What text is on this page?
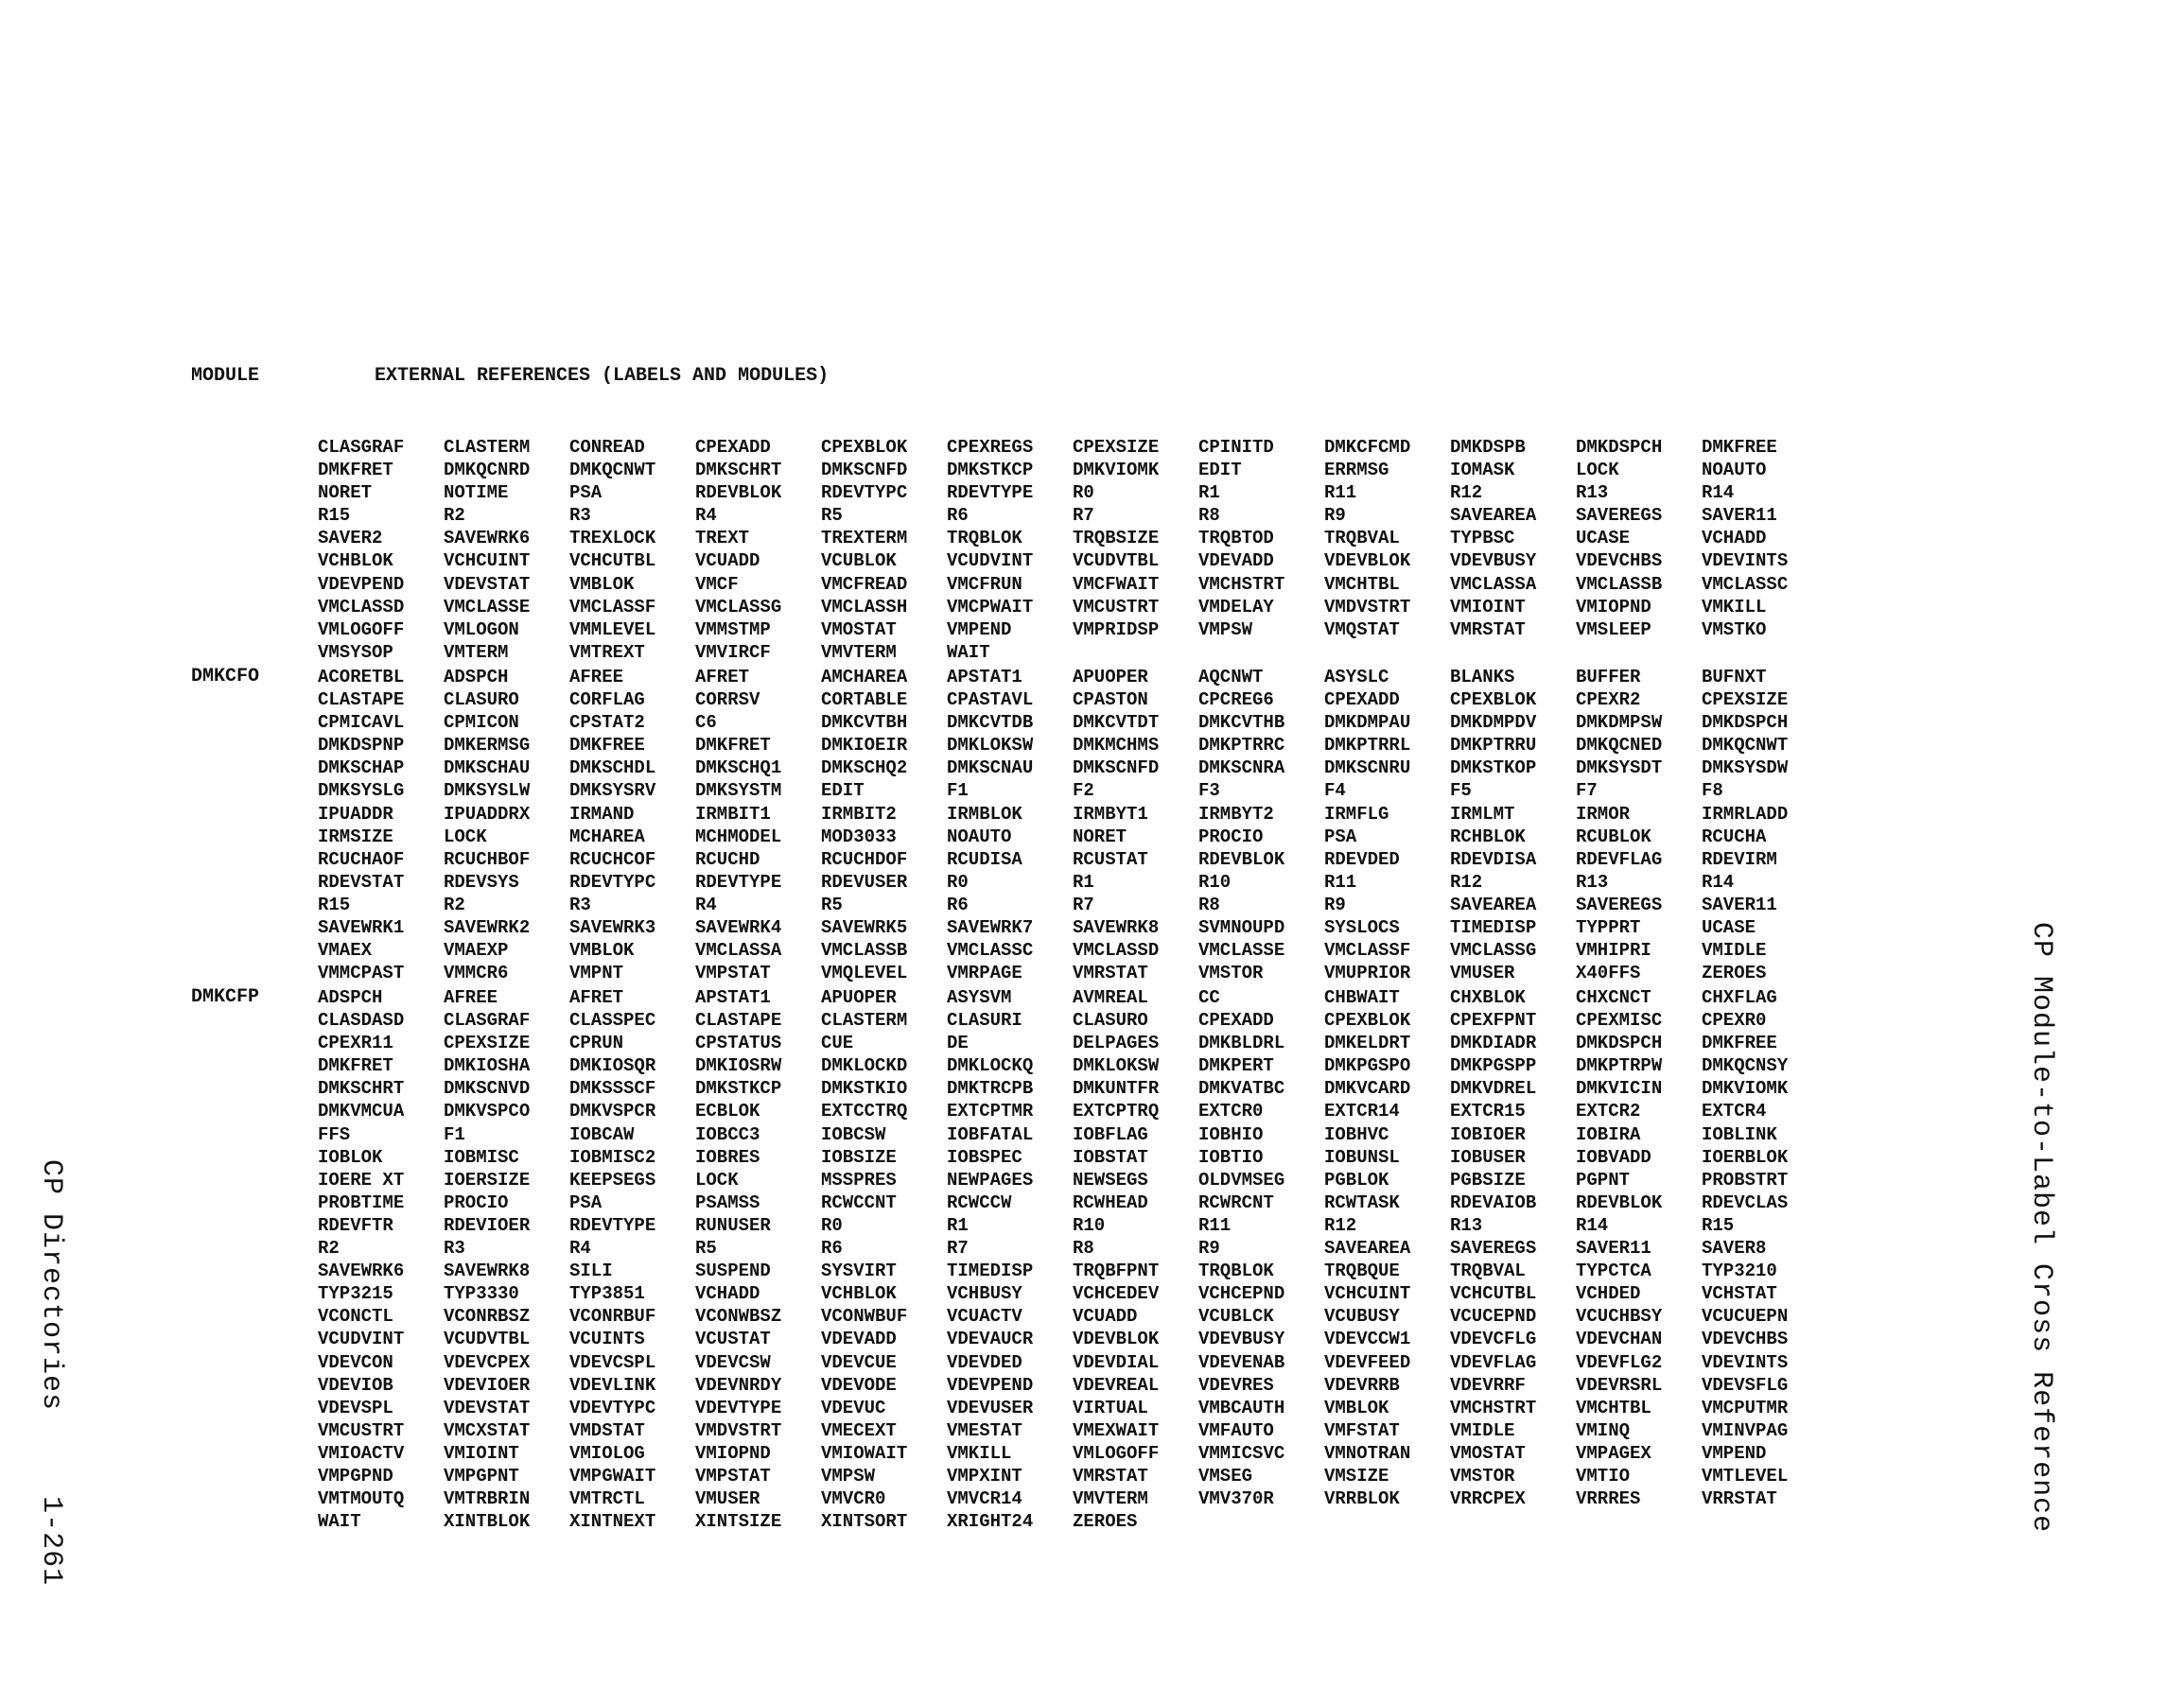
MODULE	EXTERNAL REFERENCES (LABELS AND MODULES)
CLASGRAF	CLASTERM	CONREAD	CPEXADD	CPEXBLOK	CPEXREGS	CPEXSIZE	CPINITD	DMKCFCMD	DMKDSPB	DMKDSPCH	DMKFREE
DMKFRET	DMKQCNRD	DMKQCNWT	DMKSCHRT	DMKSCNFD	DMKSTKCP	DMKVIOMK	EDIT	ERRMSG	IOMASK	LOCK	NOAUTO
NORET	NOTIME	PSA	RDEVBLOK	RDEVTYPC	RDEVTYPE	R0	R1	R11	R12	R13	R14
R15	R2	R3	R4	R5	R6	R7	R8	R9	SAVEAREA	SAVEREGS	SAVER11
SAVER2	SAVEWRK6	TREXLOCK	TREXT	TREXTERM	TRQBLOK	TRQBSIZE	TRQBTOD	TRQBVAL	TYPBSC	UCASE	VCHADD
VCHBLOK	VCHCUINT	VCHCUTBL	VCUADD	VCUBLOK	VCUDVINT	VCUDVTBL	VDEVADD	VDEVBLOK	VDEVBUSY	VDEVCHBS	VDEVINTS
VDEVPEND	VDEVSTAT	VMBLOK	VMCF	VMCFREAD	VMCFRUN	VMCFWAIT	VMCHSTRT	VMCHTBL	VMCLASSA	VMCLASSB	VMCLASSC
VMCLASSD	VMCLASSE	VMCLASSF	VMCLASSG	VMCLASSH	VMCPWAIT	VMCUSTRT	VMDELAY	VMDVSTRT	VMIOINT	VMIOPND	VMKILL
VMLOGOFF	VMLOGON	VMMLEVEL	VMMSTMP	VMOSTAT	VMPEND	VMPRIDSP	VMPSW	VMQSTAT	VMRSTAT	VMSLEEP	VMSTKO
VMSYSOP	VMTERM	VMTREXT	VMVIRCF	VMVTERM	WAIT
DMKCFO	ACORETBL	ADSPCH	AFREE	AFRET	AMCHAREA	APSTAT1	APUOPER	AQCNWT	ASYSLC	BLANKS	BUFFER	BUFNXT
CLASTAPE	CLASURO	CORFLAG	CORRSV	CORTABLE	CPASTAVL	CPASTON	CPCREG6	CPEXADD	CPEXBLOK	CPEXR2	CPEXSIZE
CPMICAVL	CPMICON	CPSTAT2	C6	DMKCVTBH	DMKCVTDB	DMKCVTDT	DMKCVTHB	DMKDMPAU	DMKDMPDV	DMKDMPSW	DMKDSPCH
DMKDSPNP	DMKERMSG	DMKFREE	DMKFRET	DMKIOEIR	DMKLOKSW	DMKMCHMS	DMKPTRRC	DMKPTRRL	DMKPTRRU	DMKQCNED	DMKQCNWT
DMKSCHAP	DMKSCHAU	DMKSCHDL	DMKSCHQ1	DMKSCHQ2	DMKSCNAU	DMKSCNFD	DMKSCNRA	DMKSCNRU	DMKSTKOP	DMKSYSDT	DMKSYSDW
DMKSYSLG	DMKSYSLW	DMKSYSRV	DMKSYSTM	EDIT	F1	F2	F3	F4	F5	F7	F8
IPUADDR	IPUADDRX	IRMAND	IRMBIT1	IRMBIT2	IRMBLOK	IRMBYT1	IRMBYT2	IRMFLG	IRMLMT	IRMOR	IRMRLADD
IRMSIZE	LOCK	MCHAREA	MCHMODEL	MOD3033	NOAUTO	NORET	PROCIO	PSA	RCHBLOK	RCUBLOK	RCUCHA
RCUCHAOF	RCUCHBOF	RCUCHCOF	RCUCHD	RCUCHDOF	RCUDISA	RCUSTAT	RDEVBLOK	RDEVDED	RDEVDISA	RDEVFLAG	RDEVIRM
RDEVSTAT	RDEVSYS	RDEVTYPC	RDEVTYPE	RDEVUSER	R0	R1	R10	R11	R12	R13	R14
R15	R2	R3	R4	R5	R6	R7	R8	R9	SAVEAREA	SAVEREGS	SAVER11
SAVEWRK1	SAVEWRK2	SAVEWRK3	SAVEWRK4	SAVEWRK5	SAVEWRK7	SAVEWRK8	SVMNOUPD	SYSLOCS	TIMEDISP	TYPPRT	UCASE
VMAEX	VMAEXP	VMBLOK	VMCLASSA	VMCLASSB	VMCLASSC	VMCLASSD	VMCLASSE	VMCLASSF	VMCLASSG	VMHIPRI	VMIDLE
VMMCPAST	VMMCR6	VMPNT	VMPSTAT	VMQLEVEL	VMRPAGE	VMRSTAT	VMSTOR	VMUPRIOR	VMUSER	X40FFS	ZEROES
DMKCFP	ADSPCH	AFREE	AFRET	APSTAT1	APUOPER	ASYSVM	AVMREAL	CC	CHBWAIT	CHXBLOK	CHXCNCT	CHXFLAG
CLASDASD	CLASGRAF	CLASSPEC	CLASTAPE	CLASTERM	CLASURI	CLASURO	CPEXADD	CPEXBLOK	CPEXFPNT	CPEXMISC	CPEXR0
CPEXR11	CPEXSIZE	CPRUN	CPSTATUS	CUE	DE	DELPAGES	DMKBLDRL	DMKELDRT	DMKDIADR	DMKDSPCH	DMKFREE
DMKFRET	DMKIOSHA	DMKIOSQR	DMKIOSRW	DMKLOCKD	DMKLOCKQ	DMKLOKSW	DMKPERT	DMKPGSPO	DMKPGSPP	DMKPTRPW	DMKQCNSY
DMKSCHRT	DMKSCNVD	DMKSSSCF	DMKSTKCP	DMKSTKIO	DMKTRCPB	DMKUNTFR	DMKVATBC	DMKVCARD	DMKVDREL	DMKVICIN	DMKVIOMK
DMKVMCUA	DMKVSPCO	DMKVSPCR	ECBLOK	EXTCCTRQ	EXTCPTMR	EXTCPTRQ	EXTCR0	EXTCR14	EXTCR15	EXTCR2	EXTCR4
FFS	F1	IOBCAW	IOBCC3	IOBCSW	IOBFATAL	IOBFLAG	IOBHIO	IOBHVC	IOBIOER	IOBIRA	IOBLINK
IOBLOK	IOBMISC	IOBMISC2	IOBRES	IOBSIZE	IOBSPEC	IOBSTAT	IOBTIO	IOBUNSL	IOBUSER	IOBVADD	IOERBLOK
IOERE XT	IOERSIZE	KEEPSEGS	LOCK	MSSPRES	NEWPAGES	NEWSEGS	OLDVMSEG	PGBLOK	PGBSIZE	PGPNT	PROBSTRT
PROBTIME	PROCIO	PSA	PSAMSS	RCWCCNT	RCWCCW	RCWHEAD	RCWRCNT	RCWTASK	RDEVAIOB	RDEVBLOK	RDEVCLAS
RDEVFTR	RDEVIOER	RDEVTYPE	RUNUSER	R0	R1	R10	R11	R12	R13	R14	R15
R2	R3	R4	R5	R6	R7	R8	R9	SAVEAREA	SAVEREGS	SAVER11	SAVER8
SAVEWRK6	SAVEWRK8	SILI	SUSPEND	SYSVIRT	TIMEDISP	TRQBFPNT	TRQBLOK	TRQBQUE	TRQBVAL	TYPCTCA	TYP3210
TYP3215	TYP3330	TYP3851	VCHADD	VCHBLOK	VCHBUSY	VCHCEDEV	VCHCEPND	VCHCUINT	VCHCUTBL	VCHDED	VCHSTAT
VCONCTL	VCONRBSZ	VCONRBUF	VCONWBSZ	VCONWBUF	VCUACTV	VCUADD	VCUBLCK	VCUBUSY	VCUCEPND	VCUCHBSY	VCUCUEPN
VCUDVINT	VCUDVTBL	VCUINTS	VCUSTAT	VDEVADD	VDEVAUCR	VDEVBLOK	VDEVBUSY	VDEVCCW1	VDEVCFLG	VDEVCHAN	VDEVCHBS
VDEVCON	VDEVCPEX	VDEVCSPL	VDEVCSW	VDEVCUE	VDEVDED	VDEVDIAL	VDEVENAB	VDEVFEED	VDEVFLAG	VDEVFLG2	VDEVINTS
VDEVIOB	VDEVIOER	VDEVLINK	VDEVNRDY	VDEVODE	VDEVPEND	VDEVREAL	VDEVRES	VDEVRRB	VDEVRRF	VDEVRSRL	VDEVSFLG
VDEVSPL	VDEVSTAT	VDEVTYPC	VDEVTYPE	VDEVUC	VDEVUSER	VIRTUAL	VMBCAUTH	VMBLOK	VMCHSTRT	VMCHTBL	VMCPUTMR
VMCUSTRT	VMCXSTAT	VMDSTAT	VMDVSTRT	VMECEXT	VMESTAT	VMEXWAIT	VMFAUTO	VMFSTAT	VMIDLE	VMINQ	VMINVPAG
VMIOACTV	VMIOINT	VMIOLOG	VMIOPND	VMIOWAIT	VMKILL	VMLOGOFF	VMMICSVC	VMNOTRAN	VMOSTAT	VMPAGEX	VMPEND
VMPGPND	VMPGPNT	VMPGWAIT	VMPSTAT	VMPSW	VMPXINT	VMRSTAT	VMSEG	VMSIZE	VMSTOR	VMTIO	VMTLEVEL
VMTMOUTQ	VMTRBRIN	VMTRCTL	VMUSER	VMVCR0	VMVCR14	VMVTERM	VMV370R	VRRBLOK	VRRCPEX	VRRRES	VRRSTAT
WAIT	XINTBLOK	XINTNEXT	XINTSIZE	XINTSORT	XRIGHT24	ZEROES

CP Directories1-261

CP Module-to-Label Cross Reference
